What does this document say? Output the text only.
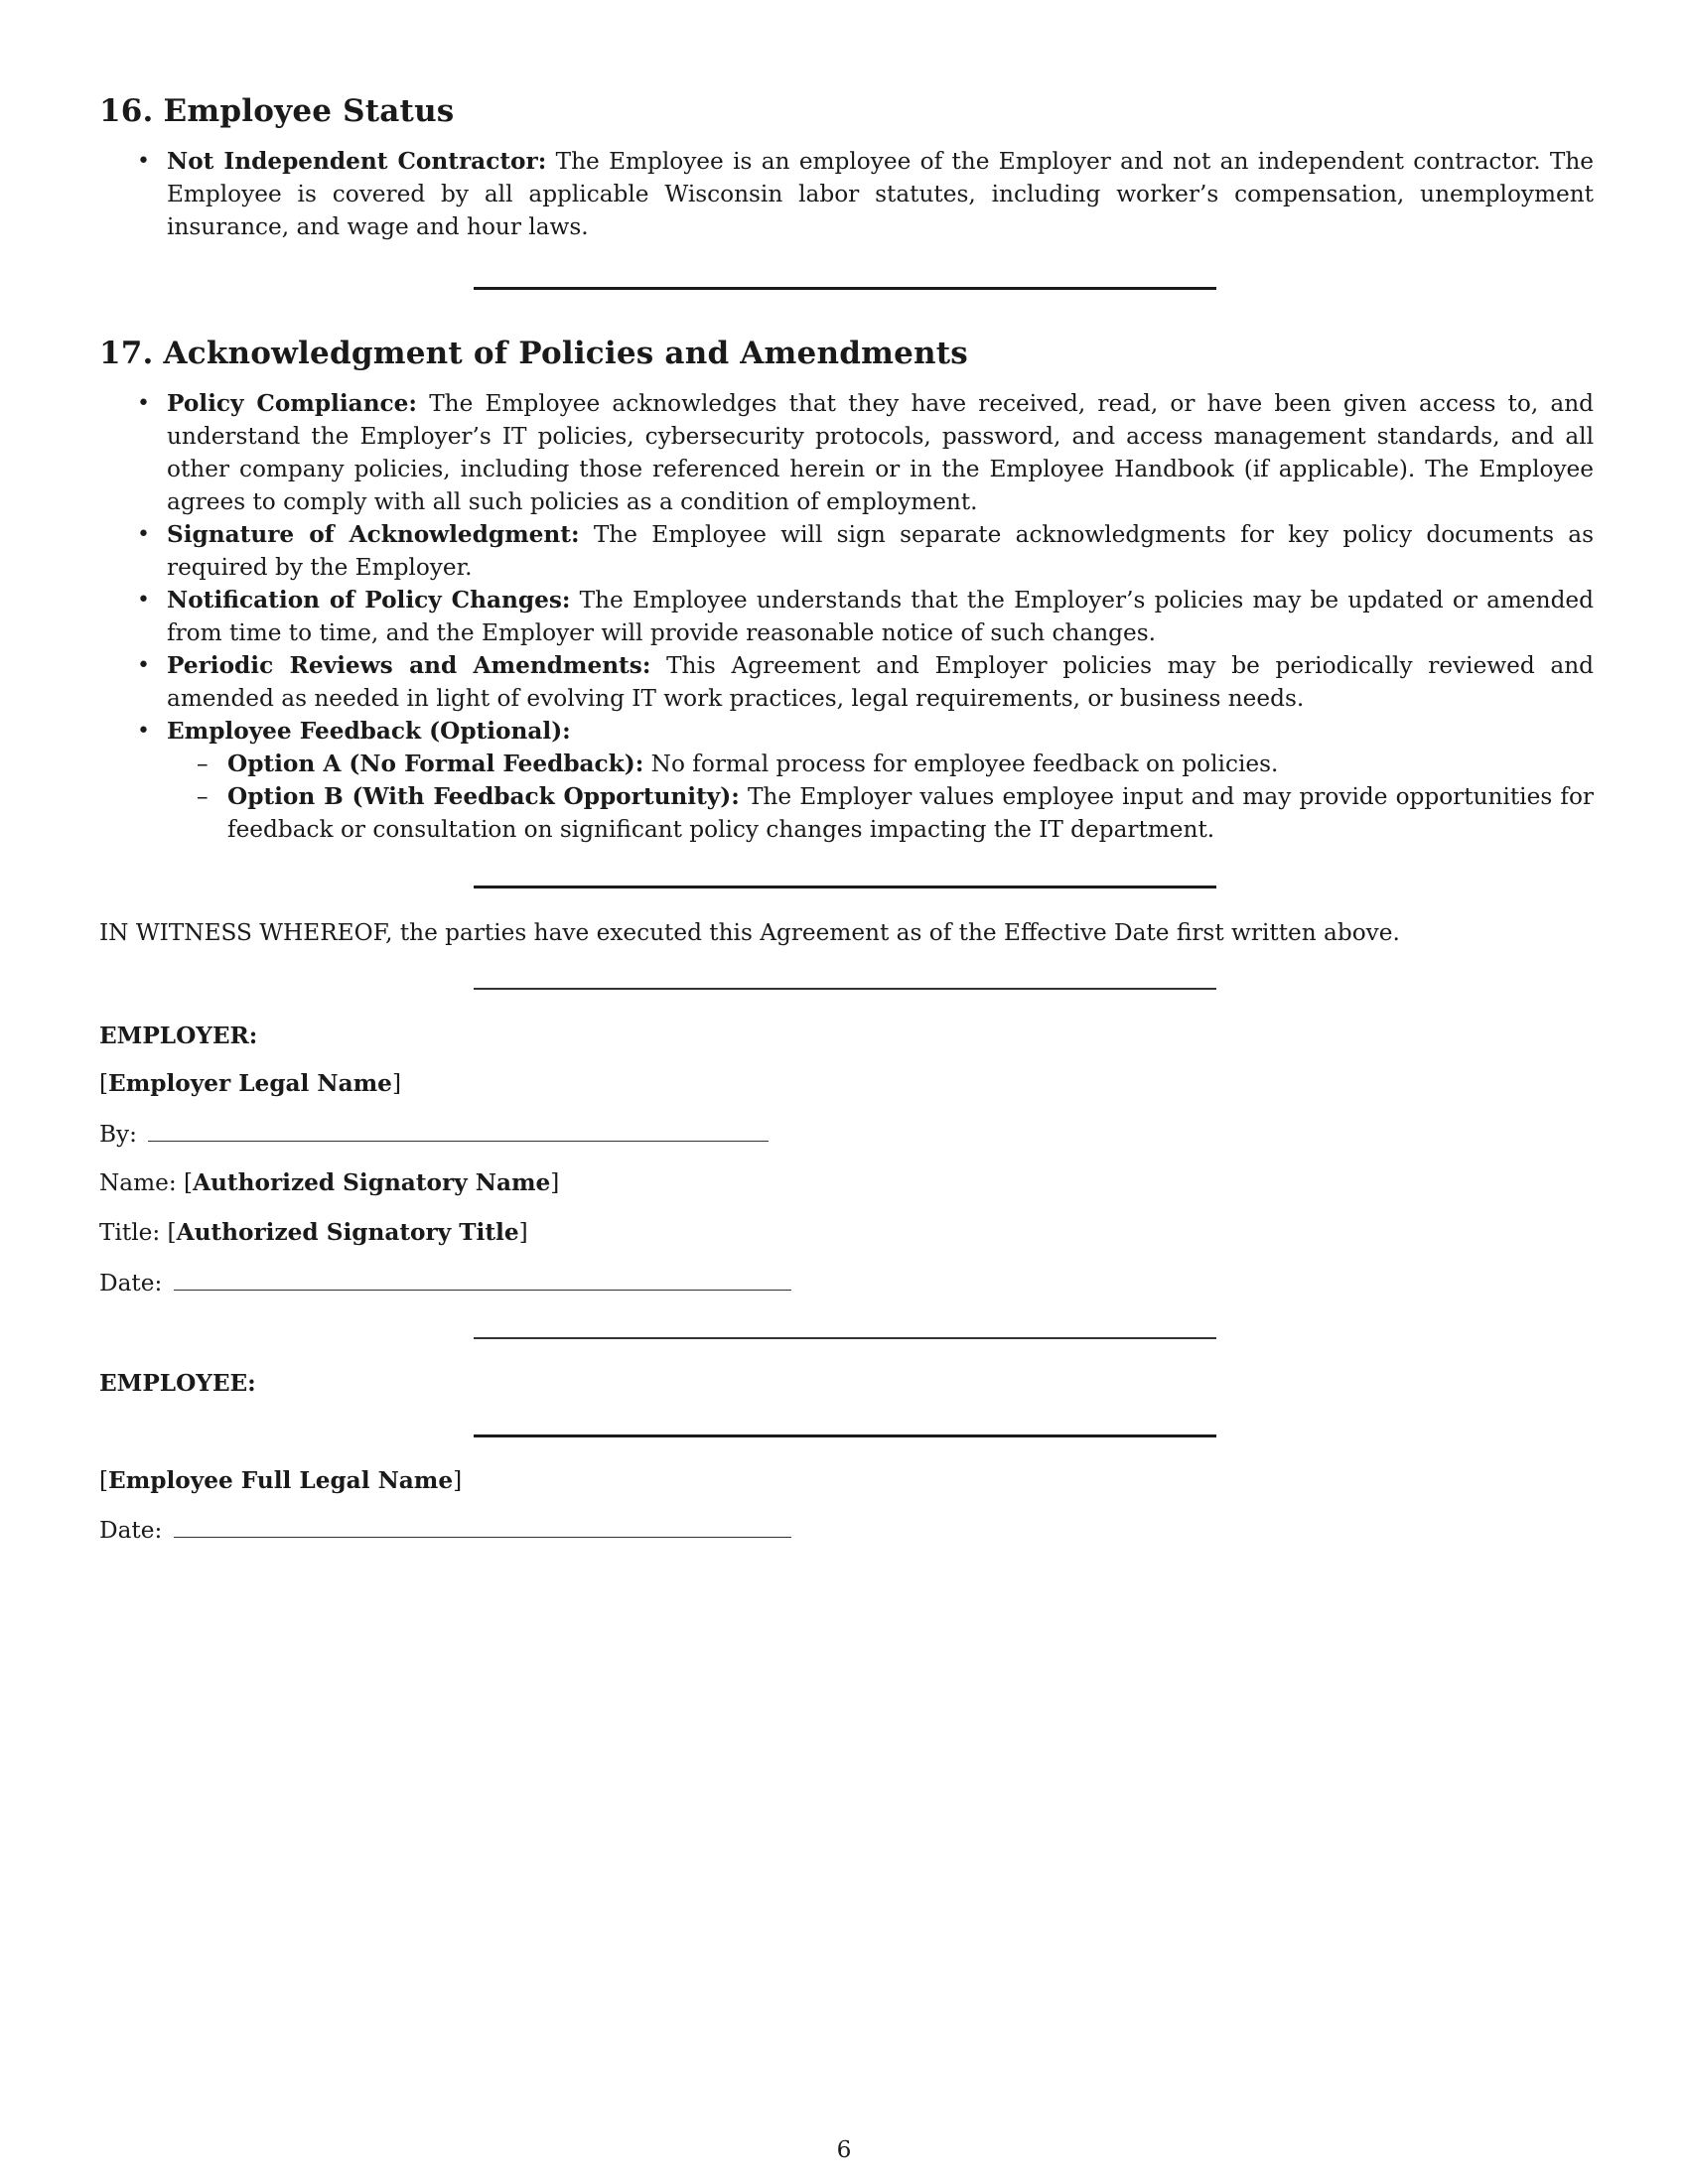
16. Employee Status
• Not Independent Contractor: The Employee is an employee of the Employer and not an independent contractor. The Employee is covered by all applicable Wisconsin labor statutes, including worker’s compensation, unemployment insurance, and wage and hour laws.
17. Acknowledgment of Policies and Amendments
• Policy Compliance: The Employee acknowledges that they have received, read, or have been given access to, and understand the Employer’s IT policies, cybersecurity protocols, password, and access management standards, and all other company policies, including those referenced herein or in the Employee Handbook (if applicable). The Employee agrees to comply with all such policies as a condition of employment.
• Signature of Acknowledgment: The Employee will sign separate acknowledgments for key policy documents as required by the Employer.
• Notification of Policy Changes: The Employee understands that the Employer’s policies may be updated or amended from time to time, and the Employer will provide reasonable notice of such changes.
• Periodic Reviews and Amendments: This Agreement and Employer policies may be periodically reviewed and amended as needed in light of evolving IT work practices, legal requirements, or business needs.
• Employee Feedback (Optional):
– Option A (No Formal Feedback): No formal process for employee feedback on policies.
– Option B (With Feedback Opportunity): The Employer values employee input and may provide opportunities for feedback or consultation on significant policy changes impacting the IT department.
IN WITNESS WHEREOF, the parties have executed this Agreement as of the Effective Date first written above.
EMPLOYER:
[Employer Legal Name]
By:
Name: [Authorized Signatory Name]
Title: [Authorized Signatory Title]
Date:
EMPLOYEE:
[Employee Full Legal Name]
Date:
6
